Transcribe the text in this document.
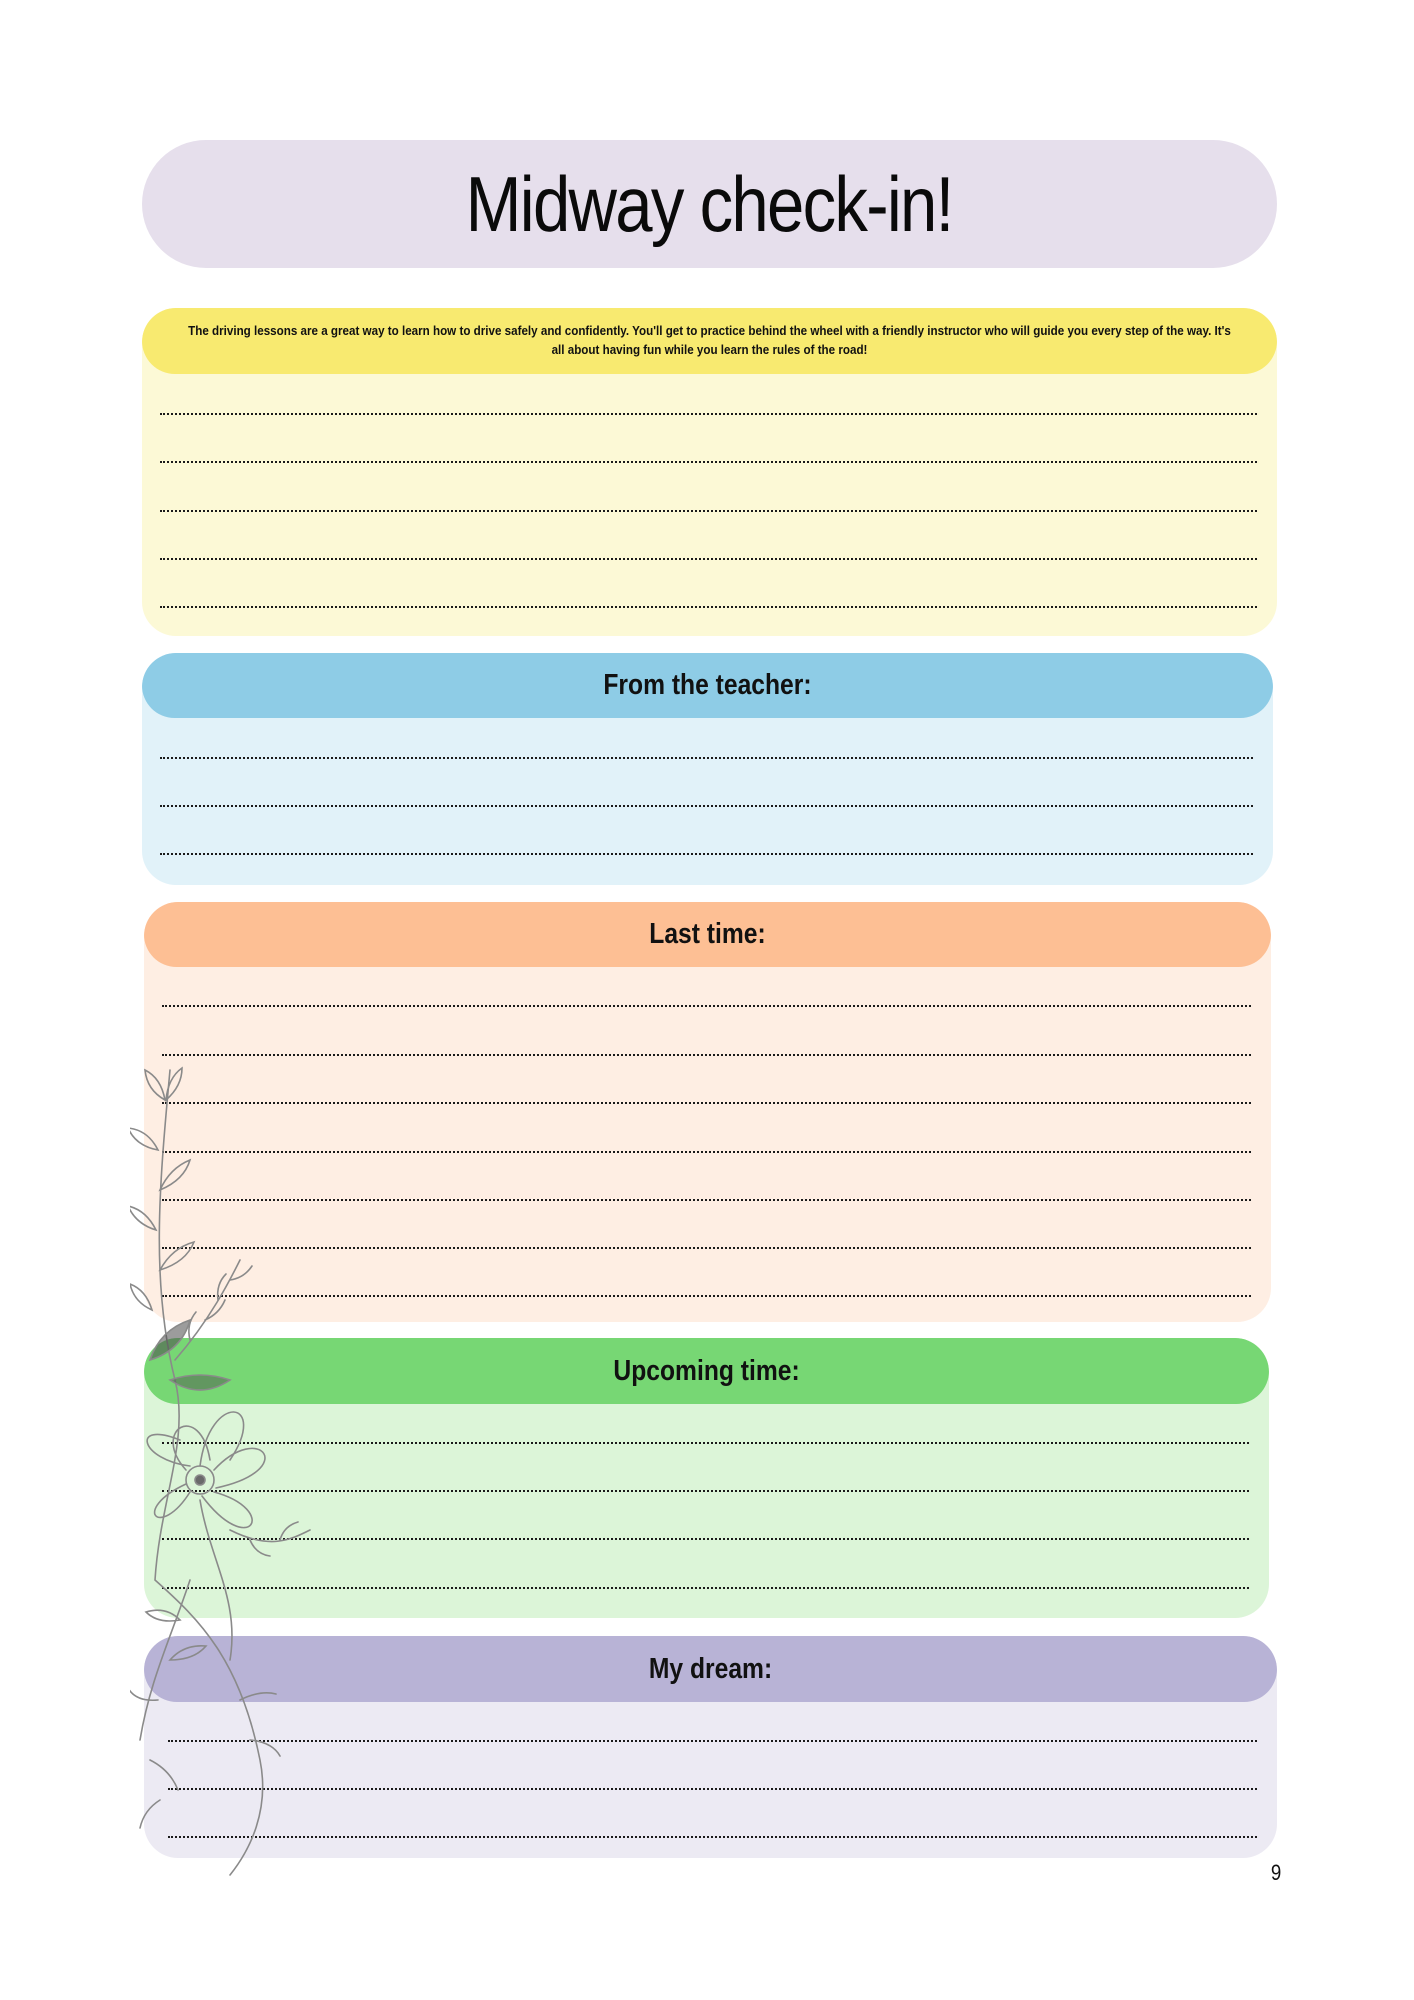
Midway check-in!
The driving lessons are a great way to learn how to drive safely and confidently. You'll get to practice behind the wheel with a friendly instructor who will guide you every step of the way. It's all about having fun while you learn the rules of the road!
From the teacher:
Last time:
Upcoming time:
My dream:
9
